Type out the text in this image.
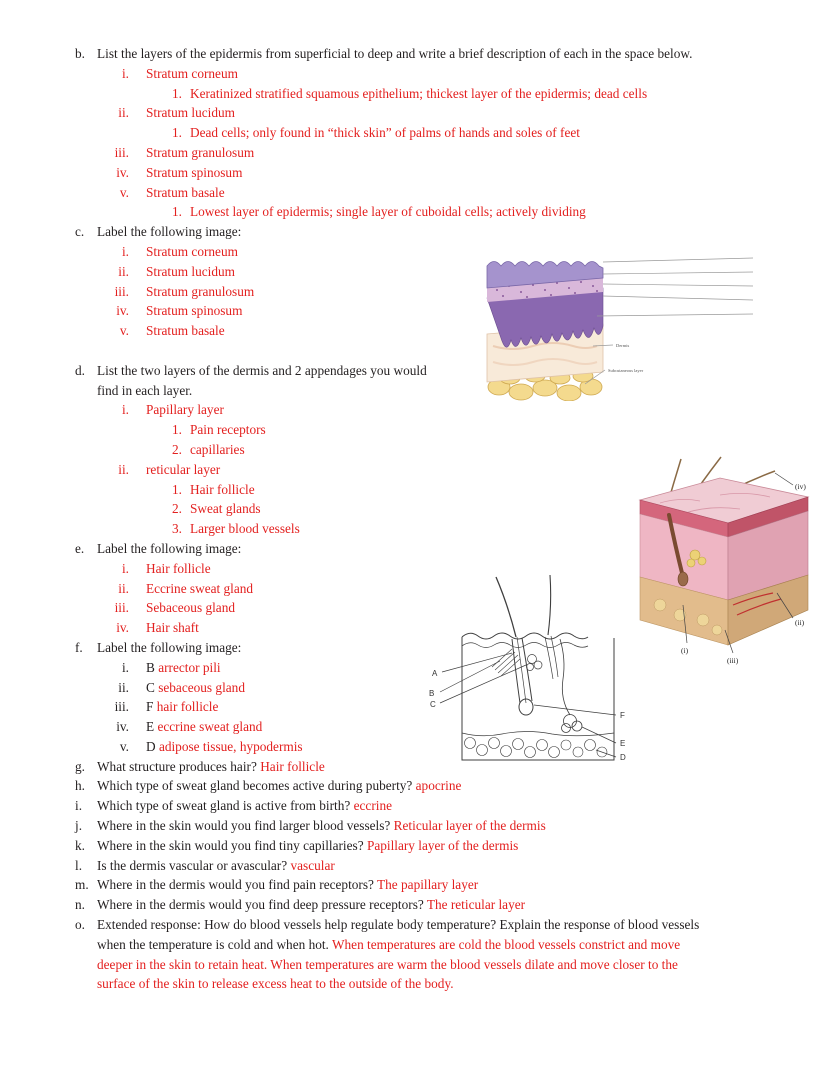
b. List the layers of the epidermis from superficial to deep and write a brief description of each in the space below.
i. Stratum corneum
1. Keratinized stratified squamous epithelium; thickest layer of the epidermis; dead cells
ii. Stratum lucidum
1. Dead cells; only found in “thick skin” of palms of hands and soles of feet
iii. Stratum granulosum
iv. Stratum spinosum
v. Stratum basale
1. Lowest layer of epidermis; single layer of cuboidal cells; actively dividing
c. Label the following image:
i. Stratum corneum
ii. Stratum lucidum
iii. Stratum granulosum
iv. Stratum spinosum
v. Stratum basale
d. List the two layers of the dermis and 2 appendages you would
find in each layer.
i. Papillary layer
1. Pain receptors
2. capillaries
ii. reticular layer
1. Hair follicle
2. Sweat glands
3. Larger blood vessels
e. Label the following image:
i. Hair follicle
ii. Eccrine sweat gland
iii. Sebaceous gland
iv. Hair shaft
f.	Label the following image:
i. B arrector pili
ii. C sebaceous gland
iii. F hair follicle
iv. E eccrine sweat gland
v. D adipose tissue, hypodermis
g. What structure produces hair? Hair follicle
h. Which type of sweat gland becomes active during puberty? apocrine
i.	Which type of sweat gland is active from birth? eccrine
j.	Where in the skin would you find larger blood vessels? Reticular layer of the dermis
k. Where in the skin would you find tiny capillaries? Papillary layer of the dermis
l.	Is the dermis vascular or avascular? vascular
m. Where in the dermis would you find pain receptors? The papillary layer
n. Where in the dermis would you find deep pressure receptors? The reticular layer
o. Extended response: How do blood vessels help regulate body temperature? Explain the response of blood vessels
when the temperature is cold and when hot. When temperatures are cold the blood vessels constrict and move
deeper in the skin to retain heat. When temperatures are warm the blood vessels dilate and move closer to the
surface of the skin to release excess heat to the outside of the body.
Dermis
Subcutaneous layer
(iv)
(ii)
(i)
(iii)
A
B
C
F
E
D
